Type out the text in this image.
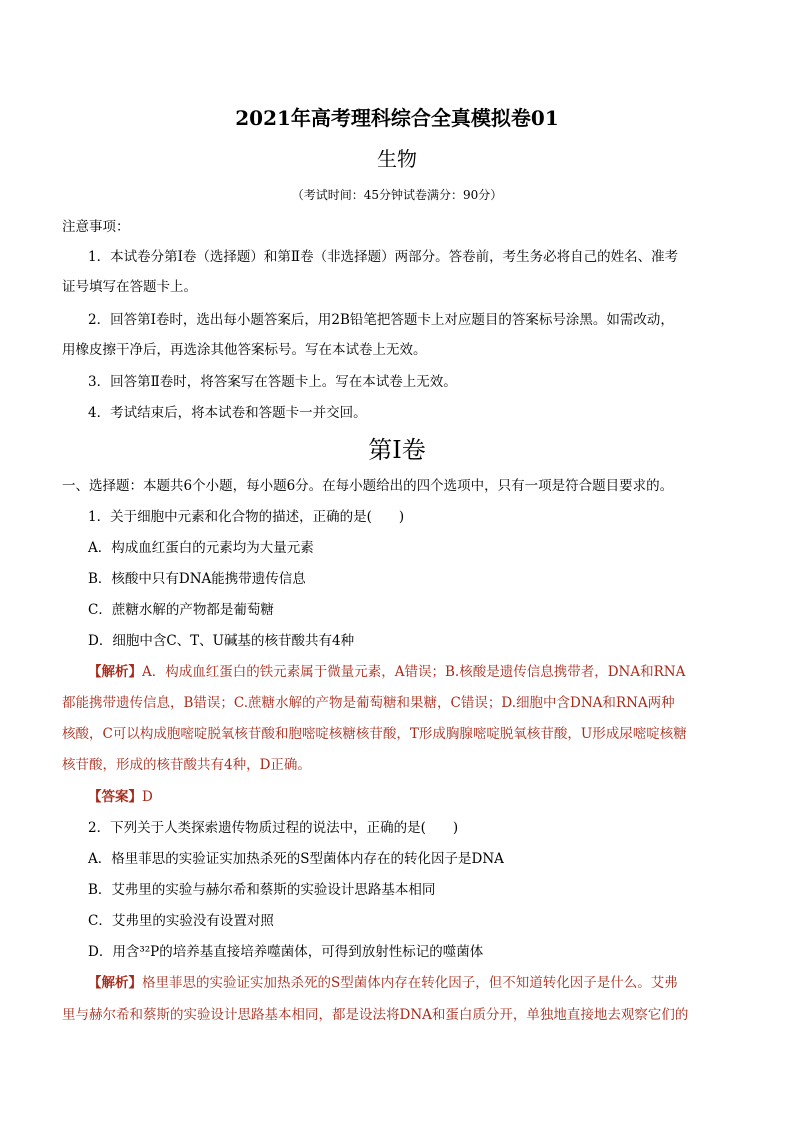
2021年高考理科综合全真模拟卷01
生物
（考试时间：45分钟试卷满分：90分）
注意事项：
1．本试卷分第Ⅰ卷（选择题）和第Ⅱ卷（非选择题）两部分。答卷前，考生务必将自己的姓名、准考
证号填写在答题卡上。
2．回答第Ⅰ卷时，选出每小题答案后，用2B铅笔把答题卡上对应题目的答案标号涂黑。如需改动，
用橡皮擦干净后，再选涂其他答案标号。写在本试卷上无效。
3．回答第Ⅱ卷时，将答案写在答题卡上。写在本试卷上无效。
4．考试结束后，将本试卷和答题卡一并交回。
第Ⅰ卷
一、选择题：本题共6个小题，每小题6分。在每小题给出的四个选项中，只有一项是符合题目要求的。
1．关于细胞中元素和化合物的描述，正确的是(　　)
A．构成血红蛋白的元素均为大量元素
B．核酸中只有DNA能携带遗传信息
C．蔗糖水解的产物都是葡萄糖
D．细胞中含C、T、U碱基的核苷酸共有4种
【解析】A．构成血红蛋白的铁元素属于微量元素，A错误；B.核酸是遗传信息携带者，DNA和RNA
都能携带遗传信息，B错误；C.蔗糖水解的产物是葡萄糖和果糖，C错误；D.细胞中含DNA和RNA两种
核酸，C可以构成胞嘧啶脱氧核苷酸和胞嘧啶核糖核苷酸，T形成胸腺嘧啶脱氧核苷酸，U形成尿嘧啶核糖
核苷酸，形成的核苷酸共有4种，D正确。
【答案】D
2．下列关于人类探索遗传物质过程的说法中，正确的是(　　)
A．格里菲思的实验证实加热杀死的S型菌体内存在的转化因子是DNA
B．艾弗里的实验与赫尔希和蔡斯的实验设计思路基本相同
C．艾弗里的实验没有设置对照
D．用含³²P的培养基直接培养噬菌体，可得到放射性标记的噬菌体
【解析】格里菲思的实验证实加热杀死的S型菌体内存在转化因子，但不知道转化因子是什么。艾弗
里与赫尔希和蔡斯的实验设计思路基本相同，都是设法将DNA和蛋白质分开，单独地直接地去观察它们的
